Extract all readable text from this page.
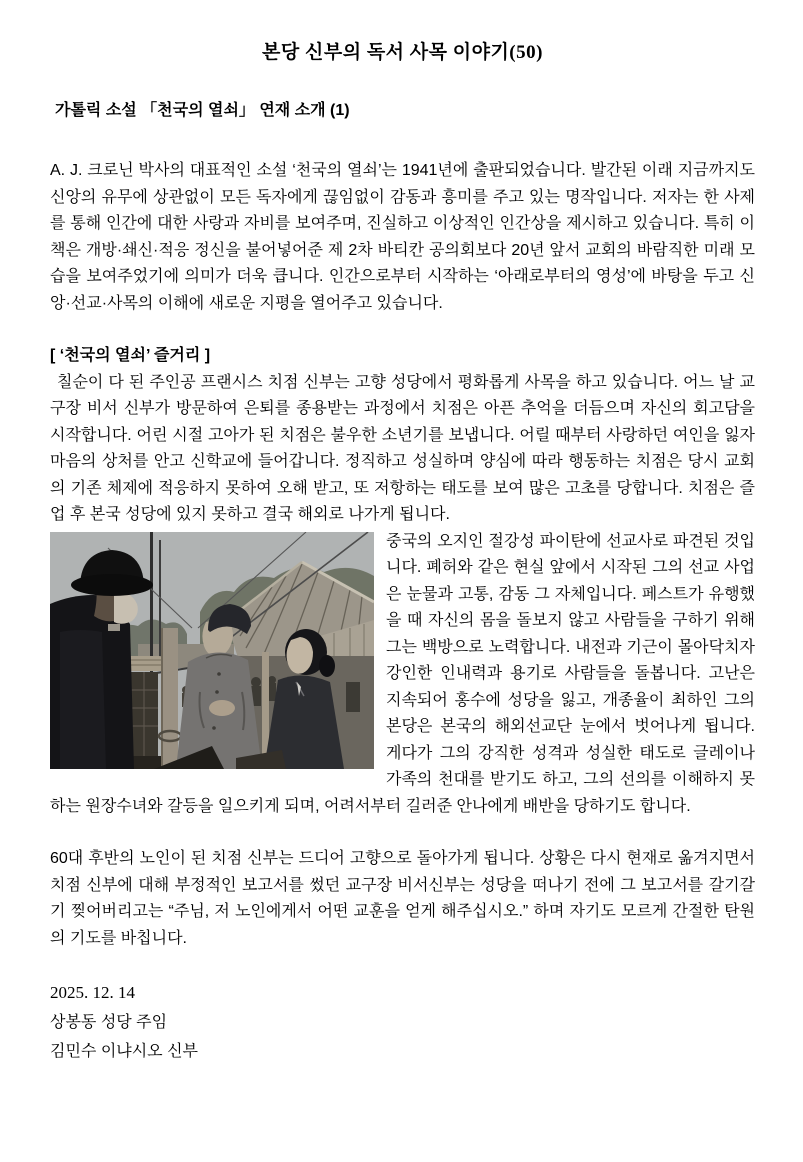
본당 신부의 독서 사목 이야기(50)
가톨릭 소설 「천국의 열쇠」 연재 소개 (1)

A. J. 크로닌 박사의 대표적인 소설 ‘천국의 열쇠’는 1941년에 출판되었습니다. 발간된 이래 지금까지도 신앙의 유무에 상관없이 모든 독자에게 끊임없이 감동과 흥미를 주고 있는 명작입니다. 저자는 한 사제를 통해 인간에 대한 사랑과 자비를 보여주며, 진실하고 이상적인 인간상을 제시하고 있습니다. 특히 이 책은 개방·쇄신·적응 정신을 불어넣어준 제 2차 바티칸 공의회보다 20년 앞서 교회의 바람직한 미래 모습을 보여주었기에 의미가 더욱 큽니다. 인간으로부터 시작하는 ‘아래로부터의 영성’에 바탕을 두고 신앙·선교·사목의 이해에 새로운 지평을 열어주고 있습니다.

[ ‘천국의 열쇠’ 즐거리 ]

칠순이 다 된 주인공 프랜시스 치점 신부는 고향 성당에서 평화롭게 사목을 하고 있습니다. 어느 날 교구장 비서 신부가 방문하여 은퇴를 종용받는 과정에서 치점은 아픈 추억을 더듬으며 자신의 회고담을 시작합니다. 어린 시절 고아가 된 치점은 불우한 소년기를 보냅니다. 어릴 때부터 사랑하던 여인을 잃자 마음의 상처를 안고 신학교에 들어갑니다. 정직하고 성실하며 양심에 따라 행동하는 치점은 당시 교회의 기존 체제에 적응하지 못하여 오해 받고, 또 저항하는 태도를 보여 많은 고초를 당합니다. 치점은 즐업 후 본국 성당에 있지 못하고 결국 해외로 나가게 됩니다.

중국의 오지인 절강성 파이탄에 선교사로 파견된 것입니다. 폐허와 같은 현실 앞에서 시작된 그의 선교 사업은 눈물과 고통, 감동 그 자체입니다. 페스트가 유행했을 때 자신의 몸을 돌보지 않고 사람들을 구하기 위해 그는 백방으로 노력합니다. 내전과 기근이 몰아닥치자 강인한 인내력과 용기로 사람들을 돌봅니다. 고난은 지속되어 홍수에 성당을 잃고, 개종율이 최하인 그의 본당은 본국의 해외선교단 눈에서 벗어나게 됩니다. 게다가 그의 강직한 성격과 성실한 태도로 글레이나 가족의 천대를 받기도 하고, 그의 선의를 이해하지 못하는 원장수녀와 갈등을 일으키게 되며, 어려서부터 길러준 안나에게 배반을 당하기도 합니다.

60대 후반의 노인이 된 치점 신부는 드디어 고향으로 돌아가게 됩니다. 상황은 다시 현재로 옮겨지면서 치점 신부에 대해 부정적인 보고서를 썼던 교구장 비서신부는 성당을 떠나기 전에 그 보고서를 갈기갈기 찢어버리고는 “주님, 저 노인에게서 어떤 교훈을 얻게 해주십시오.” 하며 자기도 모르게 간절한 탄원의 기도를 바칩니다.

2025. 12. 14

상봉동 성당 주임

김민수 이냐시오 신부
